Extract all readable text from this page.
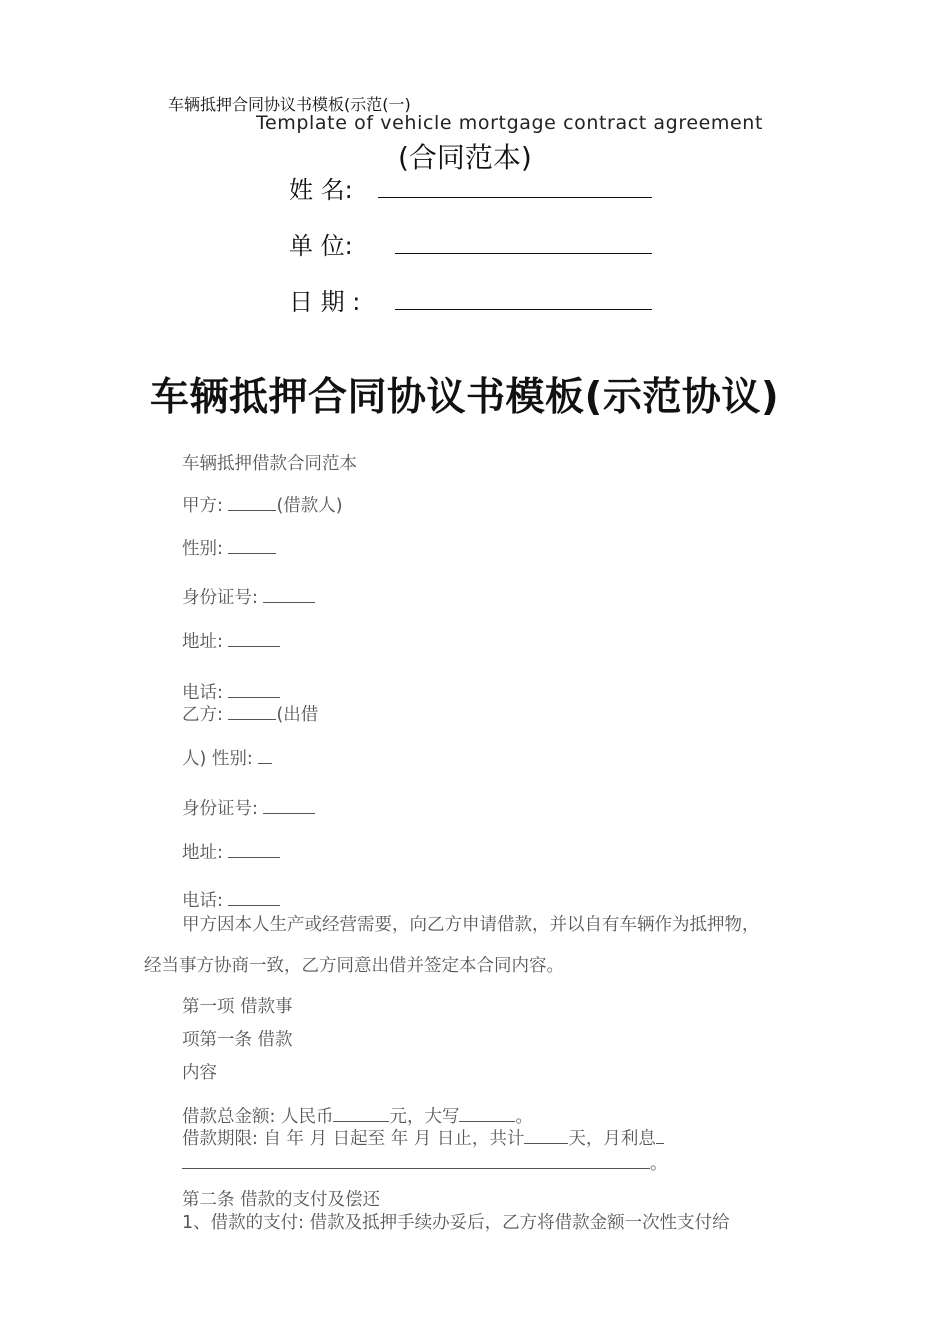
车辆抵押合同协议书模板(示范(一)
Template of vehicle mortgage contract agreement
(合同范本)
姓 名:
单 位:
日 期 :
车辆抵押合同协议书模板(示范协议)
车辆抵押借款合同范本
甲方:	(借款人)
性别:
身份证号:
地址:
电话:
乙方:	(出借
人) 性别:
身份证号:
地址:
电话:
甲方因本人生产或经营需要，向乙方申请借款，并以自有车辆作为抵押物，
经当事方协商一致，乙方同意出借并签定本合同内容。
第一项 借款事
项第一条 借款
内容
借款总金额: 人民币	元，大写	。
借款期限: 自 年 月 日起至 年 月 日止，共计	天，月利息
。
第二条 借款的支付及偿还
1、借款的支付: 借款及抵押手续办妥后，乙方将借款金额一次性支付给
